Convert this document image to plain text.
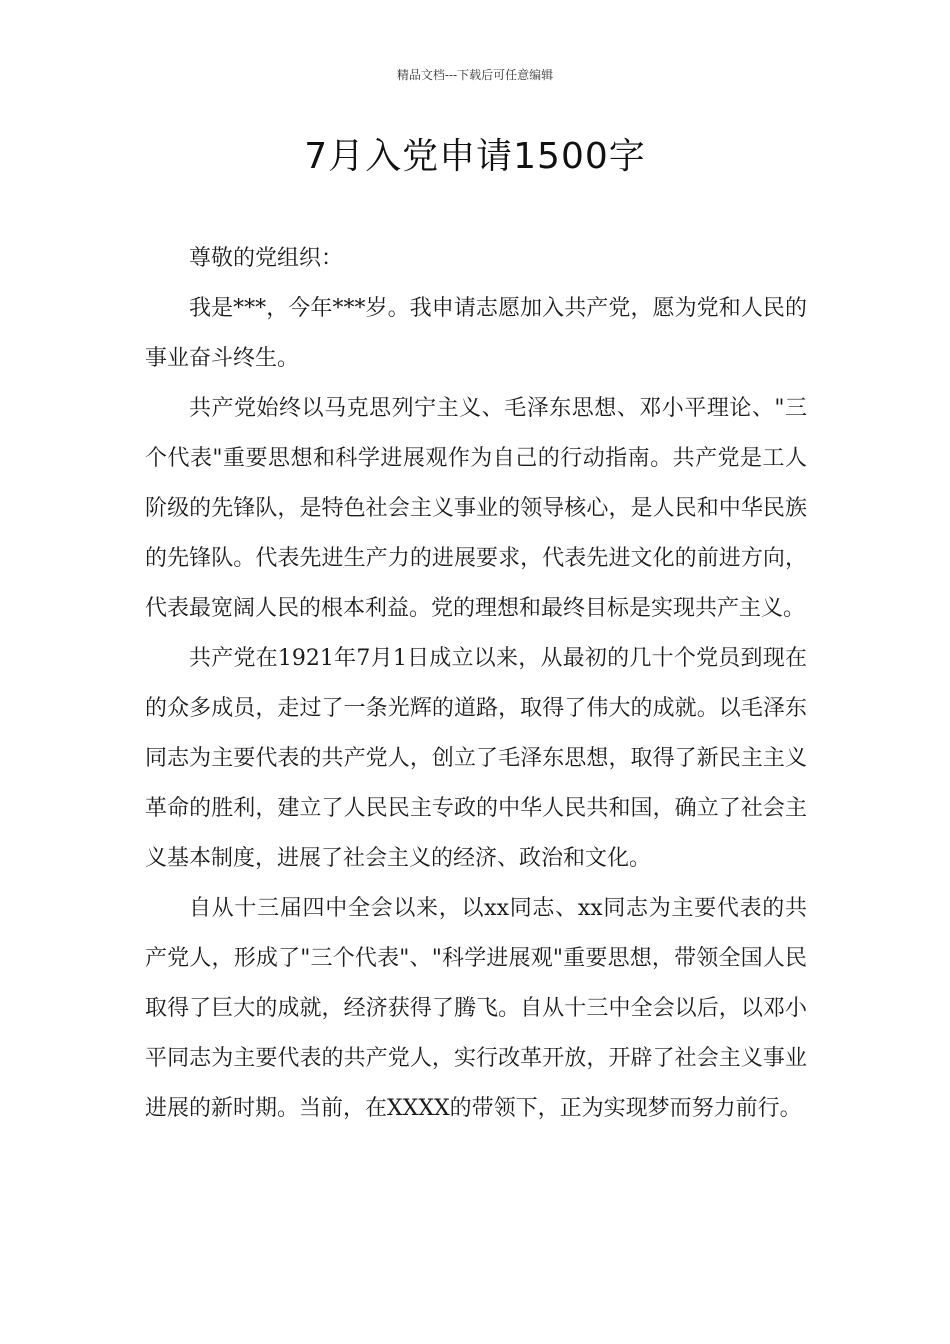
精品文档---下载后可任意编辑
7月入党申请1500字

尊敬的党组织：

我是***，今年***岁。我申请志愿加入共产党，愿为党和人民的事业奋斗终生。

共产党始终以马克思列宁主义、毛泽东思想、邓小平理论、"三个代表"重要思想和科学进展观作为自己的行动指南。共产党是工人阶级的先锋队，是特色社会主义事业的领导核心，是人民和中华民族的先锋队。代表先进生产力的进展要求，代表先进文化的前进方向，代表最宽阔人民的根本利益。党的理想和最终目标是实现共产主义。

共产党在1921年7月1日成立以来，从最初的几十个党员到现在的众多成员，走过了一条光辉的道路，取得了伟大的成就。以毛泽东同志为主要代表的共产党人，创立了毛泽东思想，取得了新民主主义革命的胜利，建立了人民民主专政的中华人民共和国，确立了社会主义基本制度，进展了社会主义的经济、政治和文化。

自从十三届四中全会以来，以xx同志、xx同志为主要代表的共产党人，形成了"三个代表"、"科学进展观"重要思想，带领全国人民取得了巨大的成就，经济获得了腾飞。自从十三中全会以后，以邓小平同志为主要代表的共产党人，实行改革开放，开辟了社会主义事业进展的新时期。当前，在XXXX的带领下，正为实现梦而努力前行。
